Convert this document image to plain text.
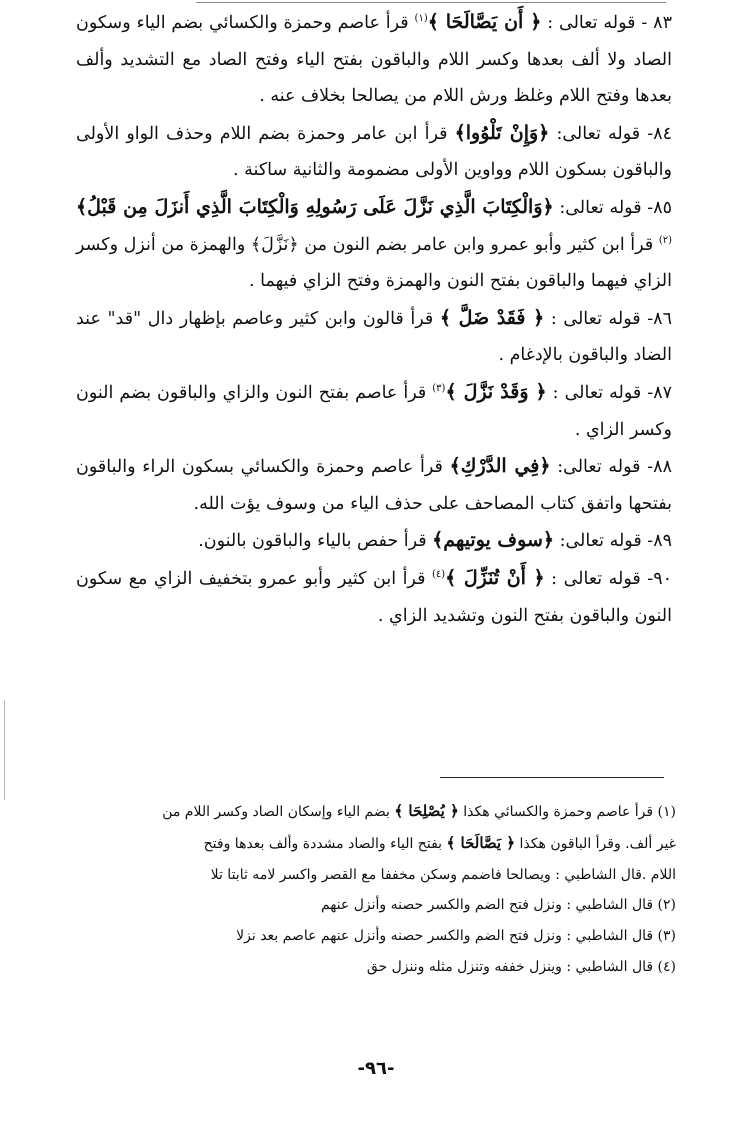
٨٣ - قوله تعالى : ﴿ أَن يَصَّالَحَا ﴾$^{(١)}$ قرأ عاصم وحمزة والكسائي بضم الياء وسكون الصاد ولا ألف بعدها وكسر اللام والباقون بفتح الياء وفتح الصاد مع التشديد وألف بعدها وفتح اللام وغلظ ورش اللام من يصالحا بخلاف عنه .

٨٤- قوله تعالى: ﴿وَإِنْ تَلْوُوا﴾ قرأ ابن عامر وحمزة بضم اللام وحذف الواو الأولى والباقون بسكون اللام وواوين الأولى مضمومة والثانية ساكنة .

٨٥- قوله تعالى: ﴿وَالْكِتَابَ الَّذِي نَزَّلَ عَلَى رَسُولِهِ وَالْكِتَابَ الَّذِي أَنزَلَ مِن قَبْلُ﴾$^{(٢)}$ قرأ ابن كثير وأبو عمرو وابن عامر بضم النون من ﴿نَزَّلَ﴾ والهمزة من أنزل وكسر الزاي فيهما والباقون بفتح النون والهمزة وفتح الزاي فيهما .

٨٦- قوله تعالى : ﴿ فَقَدْ ضَلَّ ﴾ قرأ قالون وابن كثير وعاصم بإظهار دال "قد" عند الضاد والباقون بالإدغام .

٨٧- قوله تعالى : ﴿ وَقَدْ نَزَّلَ ﴾$^{(٣)}$ قرأ عاصم بفتح النون والزاي والباقون بضم النون وكسر الزاي .

٨٨- قوله تعالى: ﴿فِي الدَّرْكِ﴾ قرأ عاصم وحمزة والكسائي بسكون الراء والباقون بفتحها واتفق كتاب المصاحف على حذف الياء من وسوف يؤت الله.

٨٩- قوله تعالى: ﴿سوف يوتيهم﴾ قرأ حفص بالياء والباقون بالنون.

٩٠- قوله تعالى : ﴿ أَنْ تُنَزِّلَ ﴾$^{(٤)}$ قرأ ابن كثير وأبو عمرو بتخفيف الزاي مع سكون النون والباقون بفتح النون وتشديد الزاي .

(١) قرأ عاصم وحمزة والكسائي هكذا ﴿ يُصْلِحَا ﴾ بضم الياء وإسكان الصاد وكسر اللام من

غير ألف. وقرأ الباقون هكذا ﴿ يَصَّالَحَا ﴾ بفتح الياء والصاد مشددة وألف بعدها وفتح

اللام .قال الشاطبي : ويصالحا فاضمم وسكن مخففا مع القصر واكسر لامه ثابتا تلا

(٢) قال الشاطبي : ونزل فتح الضم والكسر حصنه وأنزل عنهم

(٣) قال الشاطبي : ونزل فتح الضم والكسر حصنه وأنزل عنهم عاصم بعد نزلا

(٤) قال الشاطبي : وينزل خففه وتنزل مثله وننزل حق

-٩٦-
